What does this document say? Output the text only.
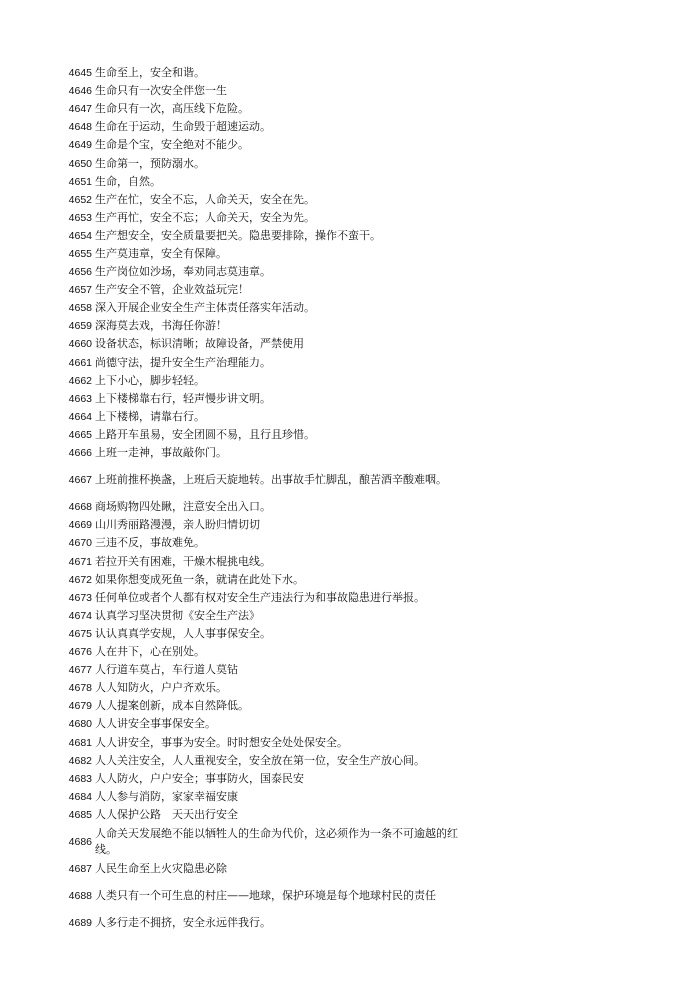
4645 生命至上，安全和谐。
4646 生命只有一次安全伴您一生
4647 生命只有一次，高压线下危险。
4648 生命在于运动，生命毁于超速运动。
4649 生命是个宝，安全绝对不能少。
4650 生命第一，预防溺水。
4651 生命，自然。
4652 生产在忙，安全不忘，人命关天，安全在先。
4653 生产再忙，安全不忘；人命关天，安全为先。
4654 生产想安全，安全质量要把关。隐患要排除，操作不蛮干。
4655 生产莫违章，安全有保障。
4656 生产岗位如沙场，奉劝同志莫违章。
4657 生产安全不管，企业效益玩完！
4658 深入开展企业安全生产主体责任落实年活动。
4659 深海莫去戏，书海任你游！
4660 设备状态，标识清晰；故障设备，严禁使用
4661 尚德守法，提升安全生产治理能力。
4662 上下小心，脚步轻轻。
4663 上下楼梯靠右行，轻声慢步讲文明。
4664 上下楼梯，请靠右行。
4665 上路开车虽易，安全团圆不易，且行且珍惜。
4666 上班一走神，事故敲你门。
4667 上班前推杯换盏，上班后天旋地转。出事故手忙脚乱，酿苦酒辛酸难咽。
4668 商场购物四处瞅，注意安全出入口。
4669 山川秀丽路漫漫，亲人盼归情切切
4670 三违不反，事故难免。
4671 若拉开关有困难，干燥木棍挑电线。
4672 如果你想变成死鱼一条，就请在此处下水。
4673 任何单位或者个人都有权对安全生产违法行为和事故隐患进行举报。
4674 认真学习坚决贯彻《安全生产法》
4675 认认真真学安规，人人事事保安全。
4676 人在井下，心在别处。
4677 人行道车莫占，车行道人莫钻
4678 人人知防火，户户齐欢乐。
4679 人人提案创新，成本自然降低。
4680 人人讲安全事事保安全。
4681 人人讲安全，事事为安全。时时想安全处处保安全。
4682 人人关注安全，人人重视安全，安全放在第一位，安全生产放心间。
4683 人人防火，户户安全；事事防火，国泰民安
4684 人人参与消防，家家幸福安康
4685 人人保护公路　天天出行安全
4686
人命关天发展绝不能以牺牲人的生命为代价，这必须作为一条不可逾越的红线。
4687 人民生命至上火灾隐患必除
4688 人类只有一个可生息的村庄——地球，保护环境是每个地球村民的责任
4689 人多行走不拥挤，安全永远伴我行。
